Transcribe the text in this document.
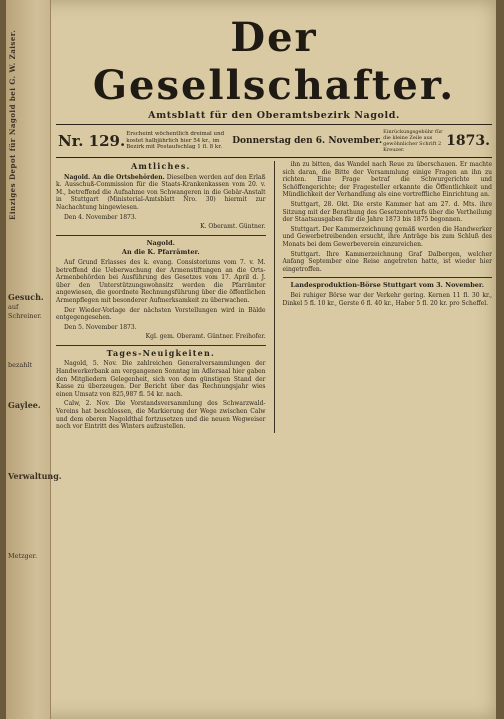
Einziges Depot für Nagold bei G. W. Zaiser.
Gesuch.
auf
Schreiner.
bezahlt
Gaylee.
Verwaltung.
Metzger.
Der Gesellschafter.
Amtsblatt für den Oberamtsbezirk Nagold.
Nr. 129. Erscheint wöchentlich dreimal und kostet halbjährlich hier 54 kr., im Bezirk mit Postaufschlag 1 fl. 8 kr.
Donnerstag den 6. November.
Einrückungsgebühr für die kleine Zeile aus gewöhnlicher Schrift 2 Kreuzer.
1873.
Amtliches.

Nagold. An die Ortsbehörden. Dieselben werden auf den Erlaß k. Ausschuß-Commission für die Staats-Krankenkassen vom 20. v. M., betreffend die Aufnahme von Schwangeren in die Gebär-Anstalt in Stuttgart (Ministerial-Amtsblatt Nro. 30) hiermit zur Nachachtung hingewiesen.

Den 4. November 1873.

K. Oberamt. Güntner.
Nagold.
An die K. Pfarrämter.

Auf Grund Erlasses des k. evang. Consistoriums vom 7. v. M. betreffend die Ueberwachung der Armenstiftungen an die Orts-Armenbehörden bei Ausführung des Gesetzes vom 17. April d. J. über den Unterstützungswohnsitz werden die Pfarrämter angewiesen, die geordnete Rechnungsführung über die öffentlichen Armenpflegen mit besonderer Aufmerksamkeit zu überwachen.

Der Wieder-Vorlage der nächsten Vorstellungen wird in Bälde entgegengesehen.

Den 5. November 1873.

Kgl. gem. Oberamt. Güntner. Freihofer.
Tages-Neuigkeiten.

Nagold, 5. Nov. Die zahlreichen Generalversammlungen der Handwerkerbank am vergangenen Sonntag im Adlersaal hier gaben den Mitgliedern Gelegenheit, sich von dem günstigen Stand der Kasse zu überzeugen. Der Bericht über das Rechnungsjahr wies einen Umsatz von 825,987 fl. 54 kr. nach.

Calw, 2. Nov. Die Vorstandsversammlung des Schwarzwald-Vereins hat beschlossen, die Markierung der Wege zwischen Calw und dem oberen Nagoldthal fortzusetzen und die neuen Wegweiser noch vor Eintritt des Winters aufzustellen.

ihn zu bitten, das Wandel nach Reue zu überschauen. Er machte sich daran, die Bitte der Versammlung einige Fragen an ihn zu richten. Eine Frage betraf die Schwurgerichte und Schöffengerichte; der Fragesteller erkannte die Öffentlichkeit und Mündlichkeit der Verhandlung als eine vortreffliche Einrichtung an.

Stuttgart, 28. Okt. Die erste Kammer hat am 27. d. Mts. ihre Sitzung mit der Berathung des Gesetzentwurfs über die Vertheilung der Staatsausgaben für die Jahre 1873 bis 1875 begonnen.

Stuttgart. Der Kammerzeichnung gemäß werden die Handwerker und Gewerbetreibenden ersucht, ihre Anträge bis zum Schluß des Monats bei dem Gewerbeverein einzureichen.

Stuttgart. Ihre Kammerzeichnung Graf Dalbergen, welcher Anfang September eine Reise angetreten hatte, ist wieder hier eingetroffen.

Landesproduktion-Börse Stuttgart vom 3. November.

Bei ruhiger Börse war der Verkehr gering. Kernen 11 fl. 30 kr., Dinkel 5 fl. 10 kr., Gerste 6 fl. 40 kr., Haber 5 fl. 20 kr. pro Scheffel.
